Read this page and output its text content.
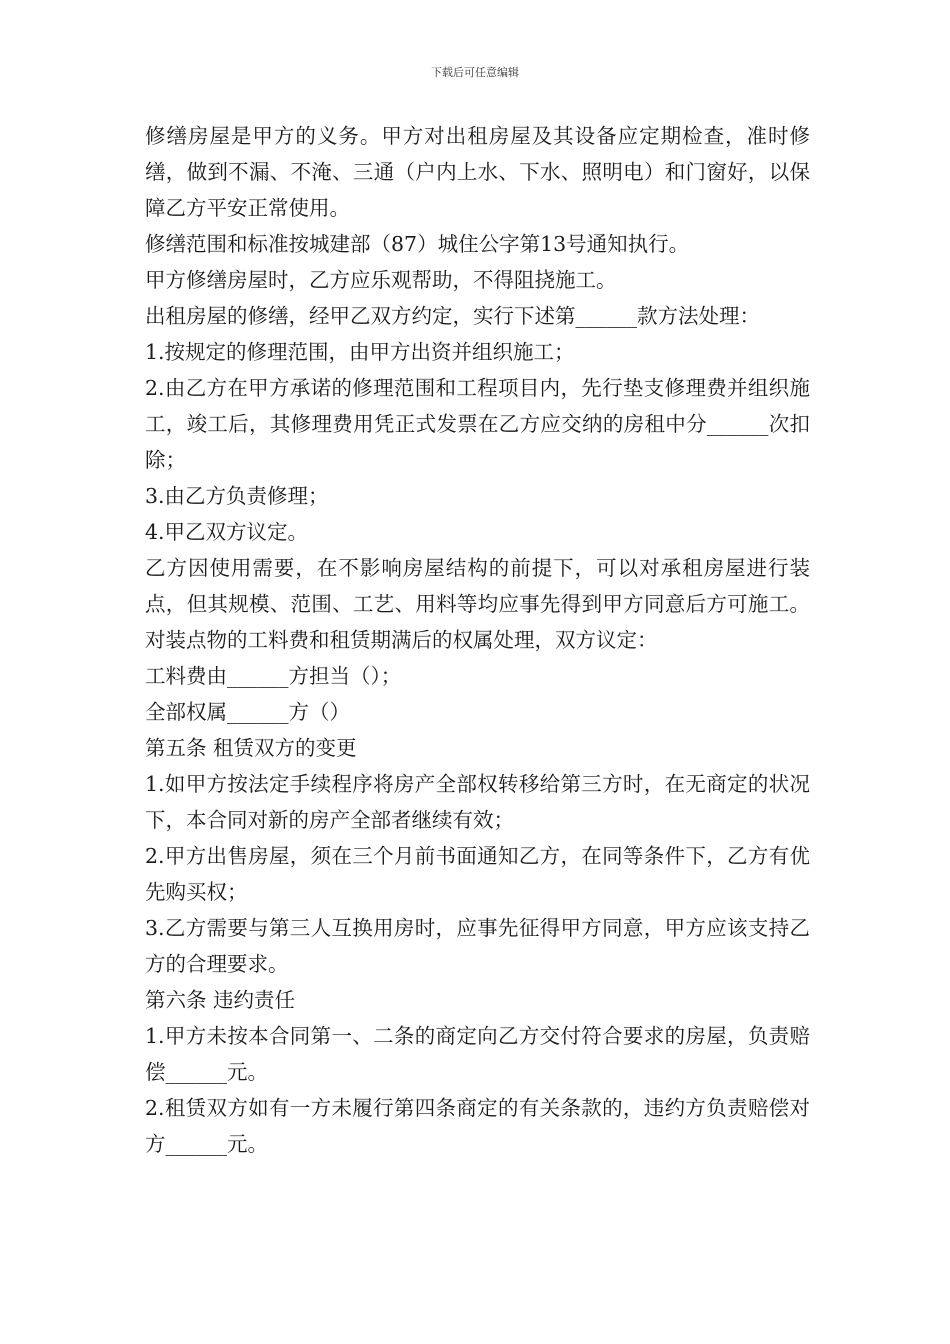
下载后可任意编辑

修缮房屋是甲方的义务。甲方对出租房屋及其设备应定期检查，准时修缮，做到不漏、不淹、三通（户内上水、下水、照明电）和门窗好，以保障乙方平安正常使用。

修缮范围和标准按城建部（87）城住公字第13号通知执行。

甲方修缮房屋时，乙方应乐观帮助，不得阻挠施工。

出租房屋的修缮，经甲乙双方约定，实行下述第______款方法处理：

1.按规定的修理范围，由甲方出资并组织施工；

2.由乙方在甲方承诺的修理范围和工程项目内，先行垫支修理费并组织施工，竣工后，其修理费用凭正式发票在乙方应交纳的房租中分______次扣除；

3.由乙方负责修理；

4.甲乙双方议定。

乙方因使用需要，在不影响房屋结构的前提下，可以对承租房屋进行装点，但其规模、范围、工艺、用料等均应事先得到甲方同意后方可施工。对装点物的工料费和租赁期满后的权属处理，双方议定：

工料费由______方担当（）；

全部权属______方（）

第五条 租赁双方的变更

1.如甲方按法定手续程序将房产全部权转移给第三方时，在无商定的状况下，本合同对新的房产全部者继续有效；

2.甲方出售房屋，须在三个月前书面通知乙方，在同等条件下，乙方有优先购买权；

3.乙方需要与第三人互换用房时，应事先征得甲方同意，甲方应该支持乙方的合理要求。

第六条 违约责任

1.甲方未按本合同第一、二条的商定向乙方交付符合要求的房屋，负责赔偿______元。

2.租赁双方如有一方未履行第四条商定的有关条款的，违约方负责赔偿对方______元。
